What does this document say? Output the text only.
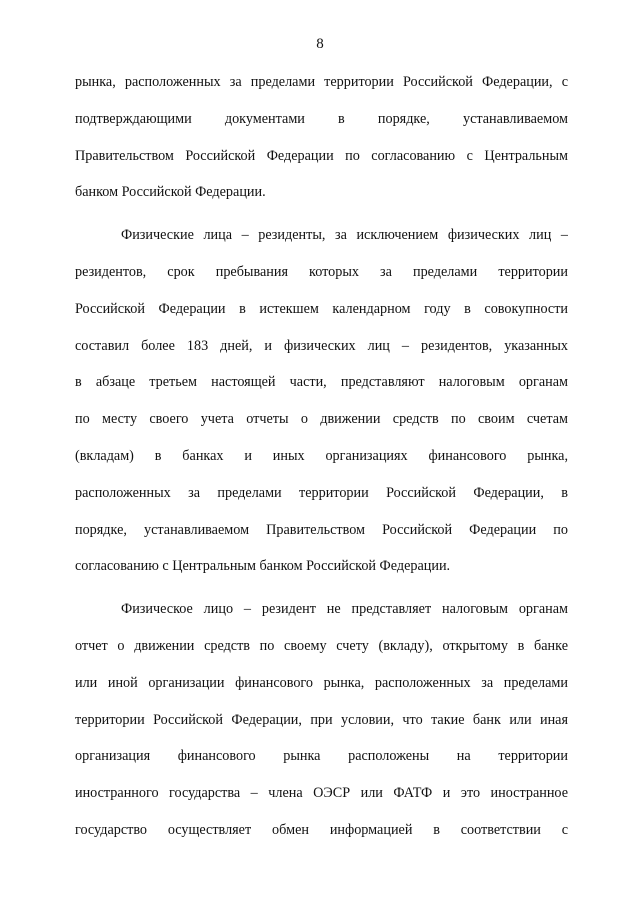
8
рынка, расположенных за пределами территории Российской Федерации, с
подтверждающими документами в порядке, устанавливаемом
Правительством Российской Федерации по согласованию с Центральным
банком Российской Федерации.
Физические лица – резиденты, за исключением физических лиц –
резидентов, срок пребывания которых за пределами территории
Российской Федерации в истекшем календарном году в совокупности
составил более 183 дней, и физических лиц – резидентов, указанных
в абзаце третьем настоящей части, представляют налоговым органам
по месту своего учета отчеты о движении средств по своим счетам
(вкладам) в банках и иных организациях финансового рынка,
расположенных за пределами территории Российской Федерации, в
порядке, устанавливаемом Правительством Российской Федерации по
согласованию с Центральным банком Российской Федерации.
Физическое лицо – резидент не представляет налоговым органам
отчет о движении средств по своему счету (вкладу), открытому в банке
или иной организации финансового рынка, расположенных за пределами
территории Российской Федерации, при условии, что такие банк или иная
организация финансового рынка расположены на территории
иностранного государства – члена ОЭСР или ФАТФ и это иностранное
государство осуществляет обмен информацией в соответствии с
